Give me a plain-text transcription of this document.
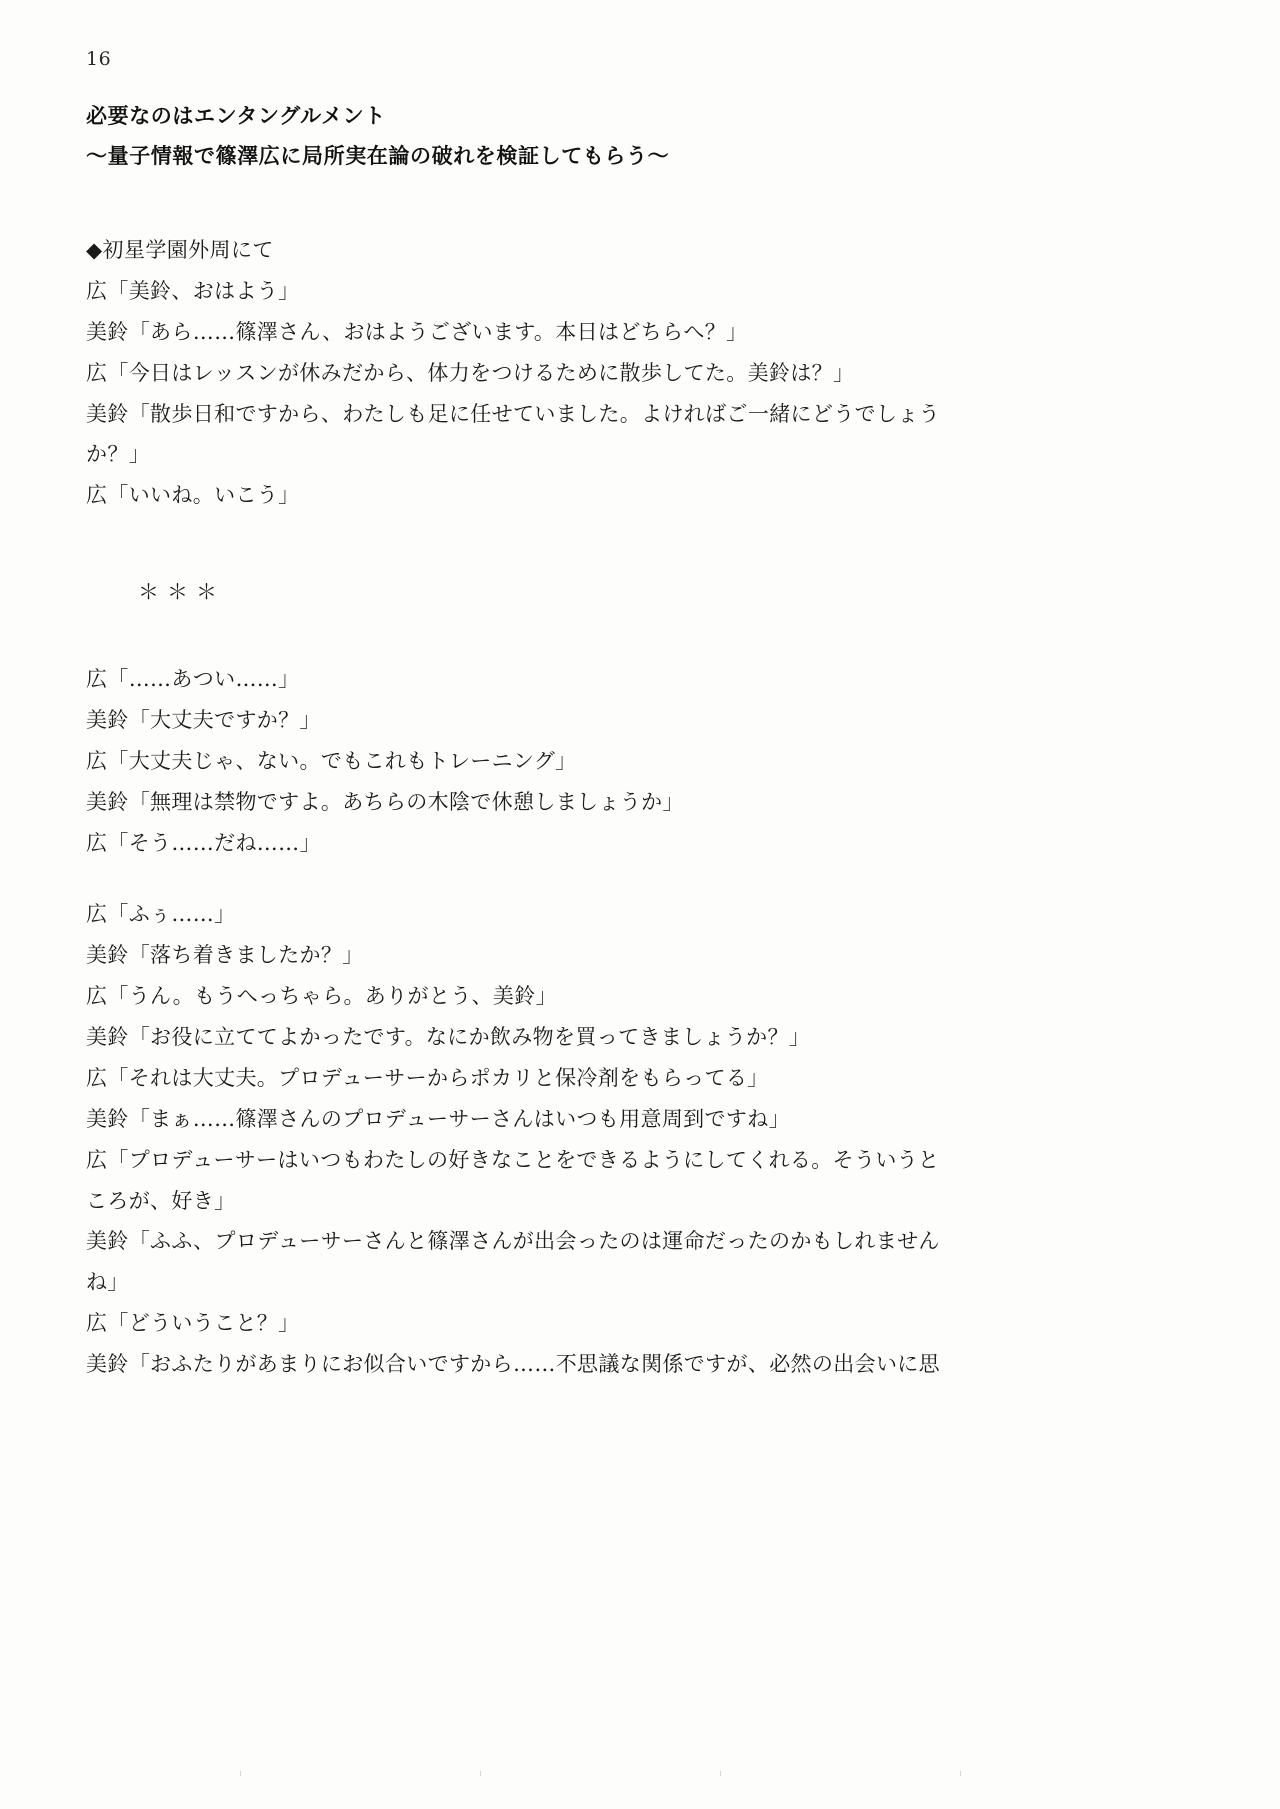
16
必要なのはエンタングルメント
〜量子情報で篠澤広に局所実在論の破れを検証してもらう〜
◆初星学園外周にて
広「美鈴、おはよう」
美鈴「あら……篠澤さん、おはようございます。本日はどちらへ？」
広「今日はレッスンが休みだから、体力をつけるために散歩してた。美鈴は？」
美鈴「散歩日和ですから、わたしも足に任せていました。よければご一緒にどうでしょう
か？」
広「いいね。いこう」
＊＊＊
広「……あつい……」
美鈴「大丈夫ですか？」
広「大丈夫じゃ、ない。でもこれもトレーニング」
美鈴「無理は禁物ですよ。あちらの木陰で休憩しましょうか」
広「そう……だね……」
広「ふぅ……」
美鈴「落ち着きましたか？」
広「うん。もうへっちゃら。ありがとう、美鈴」
美鈴「お役に立ててよかったです。なにか飲み物を買ってきましょうか？」
広「それは大丈夫。プロデューサーからポカリと保冷剤をもらってる」
美鈴「まぁ……篠澤さんのプロデューサーさんはいつも用意周到ですね」
広「プロデューサーはいつもわたしの好きなことをできるようにしてくれる。そういうと
ころが、好き」
美鈴「ふふ、プロデューサーさんと篠澤さんが出会ったのは運命だったのかもしれません
ね」
広「どういうこと？」
美鈴「おふたりがあまりにお似合いですから……不思議な関係ですが、必然の出会いに思
